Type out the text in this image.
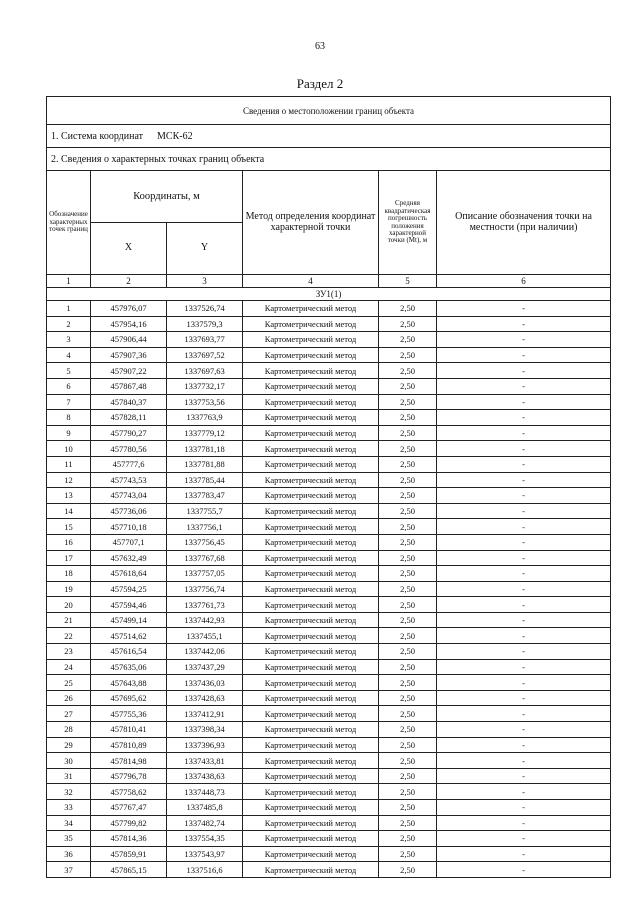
63
Раздел 2
Сведения о местоположении границ объекта					
1. Система координат МСК-62					
2. Сведения о характерных точках границ объекта					
Обозначение характерных точек границ	Координаты, м		Метод определения координат характерной точки	Средняя квадратическая погрешность положения характерной точки (Mt), м	Описание обозначения точки на местности (при наличии)
	X	Y			
1	2	3	4	5	6
ЗУ1(1)					
1	457976,07	1337526,74	Картометрический метод	2,50	-
2	457954,16	1337579,3	Картометрический метод	2,50	-
3	457906,44	1337693,77	Картометрический метод	2,50	-
4	457907,36	1337697,52	Картометрический метод	2,50	-
5	457907,22	1337697,63	Картометрический метод	2,50	-
6	457867,48	1337732,17	Картометрический метод	2,50	-
7	457840,37	1337753,56	Картометрический метод	2,50	-
8	457828,11	1337763,9	Картометрический метод	2,50	-
9	457790,27	1337779,12	Картометрический метод	2,50	-
10	457780,56	1337781,18	Картометрический метод	2,50	-
11	457777,6	1337781,88	Картометрический метод	2,50	-
12	457743,53	1337785,44	Картометрический метод	2,50	-
13	457743,04	1337783,47	Картометрический метод	2,50	-
14	457736,06	1337755,7	Картометрический метод	2,50	-
15	457710,18	1337756,1	Картометрический метод	2,50	-
16	457707,1	1337756,45	Картометрический метод	2,50	-
17	457632,49	1337767,68	Картометрический метод	2,50	-
18	457618,64	1337757,05	Картометрический метод	2,50	-
19	457594,25	1337756,74	Картометрический метод	2,50	-
20	457594,46	1337761,73	Картометрический метод	2,50	-
21	457499,14	1337442,93	Картометрический метод	2,50	-
22	457514,62	1337455,1	Картометрический метод	2,50	-
23	457616,54	1337442,06	Картометрический метод	2,50	-
24	457635,06	1337437,29	Картометрический метод	2,50	-
25	457643,88	1337436,03	Картометрический метод	2,50	-
26	457695,62	1337428,63	Картометрический метод	2,50	-
27	457755,36	1337412,91	Картометрический метод	2,50	-
28	457810,41	1337398,34	Картометрический метод	2,50	-
29	457810,89	1337396,93	Картометрический метод	2,50	-
30	457814,98	1337433,81	Картометрический метод	2,50	-
31	457796,78	1337438,63	Картометрический метод	2,50	-
32	457758,62	1337448,73	Картометрический метод	2,50	-
33	457767,47	1337485,8	Картометрический метод	2,50	-
34	457799,82	1337482,74	Картометрический метод	2,50	-
35	457814,36	1337554,35	Картометрический метод	2,50	-
36	457859,91	1337543,97	Картометрический метод	2,50	-
37	457865,15	1337516,6	Картометрический метод	2,50	-
